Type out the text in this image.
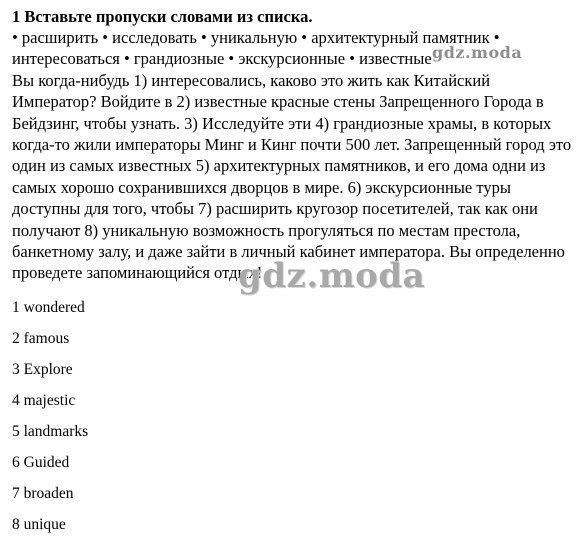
1 Вставьте пропуски словами из списка.

• расширить • исследовать • уникальную • архитектурный памятник • интересоваться • грандиозные • экскурсионные • известные

Вы когда-нибудь 1) интересовались, каково это жить как Китайский Император? Войдите в 2) известные красные стены Запрещенного Города в Бейдзинг, чтобы узнать. 3) Исследуйте эти 4) грандиозные храмы, в которых когда-то жили императоры Минг и Кинг почти 500 лет. Запрещенный город это один из самых известных 5) архитектурных памятников, и его дома одни из самых хорошо сохранившихся дворцов в мире. 6) экскурсионные туры доступны для того, чтобы 7) расширить кругозор посетителей, так как они получают 8) уникальную возможность прогуляться по местам престола, банкетному залу, и даже зайти в личный кабинет императора. Вы определенно проведете запоминающийся отдых!

1 wondered
2 famous
3 Explore
4 majestic
5 landmarks
6 Guided
7 broaden
8 unique
gdz.moda
gdz.moda
